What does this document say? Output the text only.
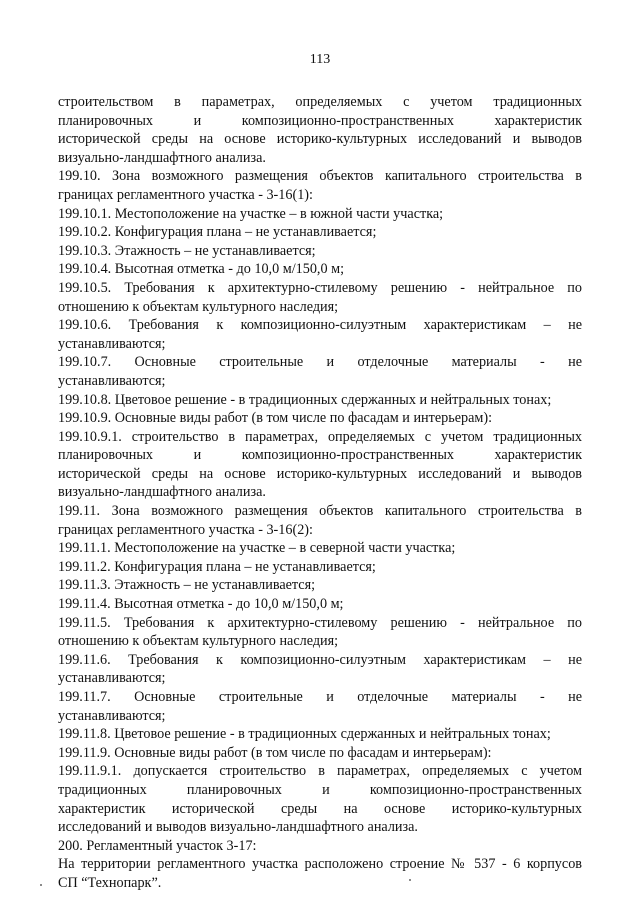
113
строительством в параметрах, определяемых с учетом традиционных
планировочных и композиционно-пространственных характеристик
исторической среды на основе историко-культурных исследований и выводов
визуально-ландшафтного анализа.
199.10. Зона возможного размещения объектов капитального строительства в
границах регламентного участка - 3-16(1):
199.10.1. Местоположение на участке – в южной части участка;
199.10.2. Конфигурация плана – не устанавливается;
199.10.3. Этажность – не устанавливается;
199.10.4. Высотная отметка - до 10,0 м/150,0 м;
199.10.5. Требования к архитектурно-стилевому решению - нейтральное по
отношению к объектам культурного наследия;
199.10.6. Требования к композиционно-силуэтным характеристикам – не
устанавливаются;
199.10.7. Основные строительные и отделочные материалы - не
устанавливаются;
199.10.8. Цветовое решение - в традиционных сдержанных и нейтральных тонах;
199.10.9. Основные виды работ (в том числе по фасадам и интерьерам):
199.10.9.1. строительство в параметрах, определяемых с учетом традиционных
планировочных и композиционно-пространственных характеристик
исторической среды на основе историко-культурных исследований и выводов
визуально-ландшафтного анализа.
199.11. Зона возможного размещения объектов капитального строительства в
границах регламентного участка - 3-16(2):
199.11.1. Местоположение на участке – в северной части участка;
199.11.2. Конфигурация плана – не устанавливается;
199.11.3. Этажность – не устанавливается;
199.11.4. Высотная отметка - до 10,0 м/150,0 м;
199.11.5. Требования к архитектурно-стилевому решению - нейтральное по
отношению к объектам культурного наследия;
199.11.6. Требования к композиционно-силуэтным характеристикам – не
устанавливаются;
199.11.7. Основные строительные и отделочные материалы - не
устанавливаются;
199.11.8. Цветовое решение - в традиционных сдержанных и нейтральных тонах;
199.11.9. Основные виды работ (в том числе по фасадам и интерьерам):
199.11.9.1. допускается строительство в параметрах, определяемых с учетом
традиционных планировочных и композиционно-пространственных
характеристик исторической среды на основе историко-культурных
исследований и выводов визуально-ландшафтного анализа.
200. Регламентный участок 3-17:
На территории регламентного участка расположено строение № 537 - 6 корпусов
СП “Технопарк”.
